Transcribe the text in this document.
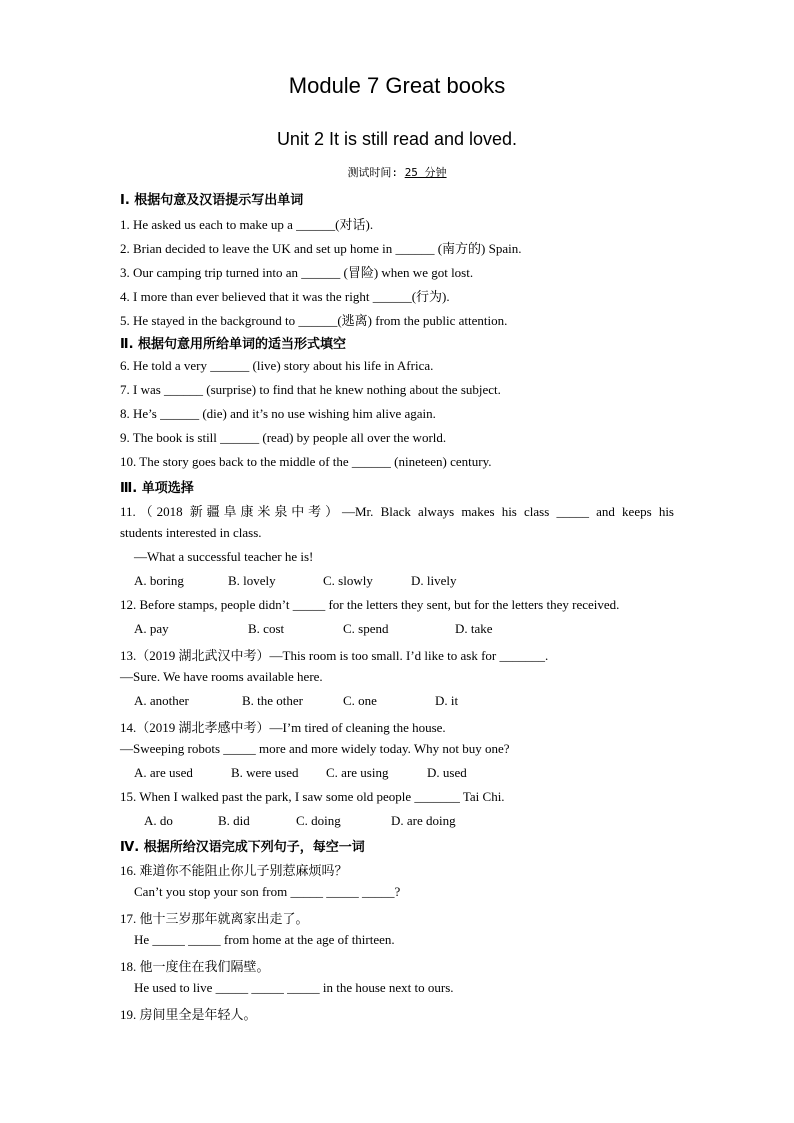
Module 7 Great books
Unit 2 It is still read and loved.
测试时间: 25 分钟
Ⅰ. 根据句意及汉语提示写出单词
1. He asked us each to make up a ______(对话).
2. Brian decided to leave the UK and set up home in ______ (南方的) Spain.
3. Our camping trip turned into an ______ (冒险) when we got lost.
4. I more than ever believed that it was the right ______(行为).
5. He stayed in the background to ______(逃离) from the public attention.
Ⅱ. 根据句意用所给单词的适当形式填空
6. He told a very ______ (live) story about his life in Africa.
7. I was ______ (surprise) to find that he knew nothing about the subject.
8. He’s ______ (die) and it’s no use wishing him alive again.
9. The book is still ______ (read) by people all over the world.
10. The story goes back to the middle of the ______ (nineteen) century.
Ⅲ. 单项选择
11.（2018 新疆阜康米泉中考）—Mr. Black always makes his class _____ and keeps his
students interested in class.
—What a successful teacher he is!
A. boring	B. lovely	C. slowly	D. lively
12. Before stamps, people didn’t _____ for the letters they sent, but for the letters they received.
A. pay	B. cost	C. spend	D. take
13.（2019 湖北武汉中考）—This room is too small. I’d like to ask for _______.
—Sure. We have rooms available here.
A. another	B. the other	C. one	D. it
14.（2019 湖北孝感中考）—I’m tired of cleaning the house.
—Sweeping robots _____ more and more widely today. Why not buy one?
A. are used	B. were used C. are using	D. used
15. When I walked past the park, I saw some old people _______ Tai Chi.
A. do	B. did	C. doing	D. are doing
Ⅳ. 根据所给汉语完成下列句子，每空一词
16. 难道你不能阻止你儿子别惹麻烦吗？
Can’t you stop your son from _____ _____ _____?
17. 他十三岁那年就离家出走了。
He _____ _____ from home at the age of thirteen.
18. 他一度住在我们隔壁。
He used to live _____ _____ _____ in the house next to ours.
19. 房间里全是年轻人。
